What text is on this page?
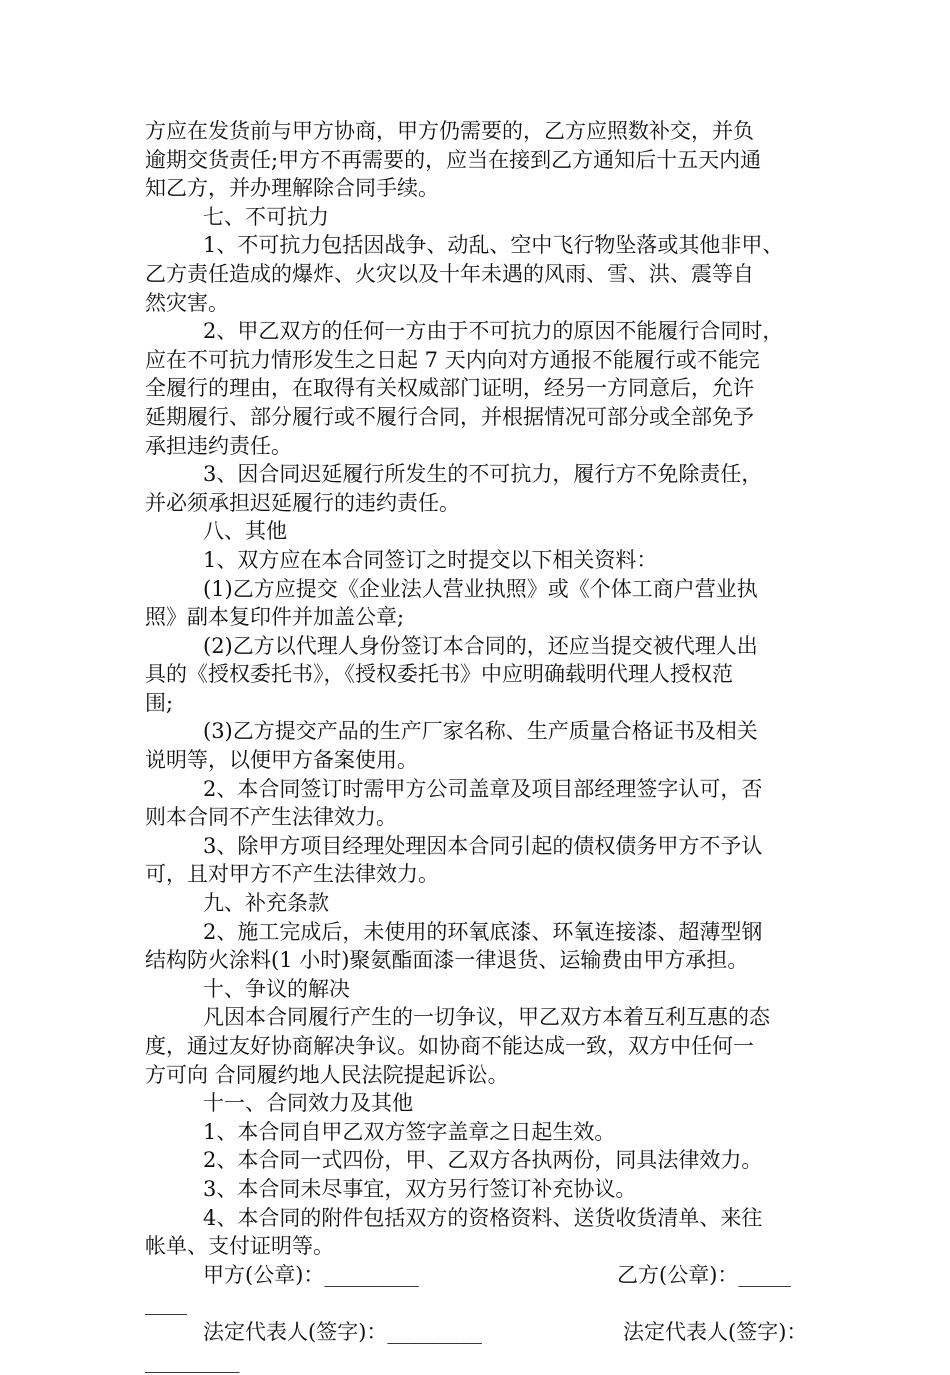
方应在发货前与甲方协商，甲方仍需要的，乙方应照数补交，并负
逾期交货责任;甲方不再需要的，应当在接到乙方通知后十五天内通
知乙方，并办理解除合同手续。
七、不可抗力
1、不可抗力包括因战争、动乱、空中飞行物坠落或其他非甲、
乙方责任造成的爆炸、火灾以及十年未遇的风雨、雪、洪、震等自
然灾害。
2、甲乙双方的任何一方由于不可抗力的原因不能履行合同时，
应在不可抗力情形发生之日起 7 天内向对方通报不能履行或不能完
全履行的理由，在取得有关权威部门证明，经另一方同意后，允许
延期履行、部分履行或不履行合同，并根据情况可部分或全部免予
承担违约责任。
3、因合同迟延履行所发生的不可抗力，履行方不免除责任，
并必须承担迟延履行的违约责任。
八、其他
1、双方应在本合同签订之时提交以下相关资料：
(1)乙方应提交《企业法人营业执照》或《个体工商户营业执
照》副本复印件并加盖公章;
(2)乙方以代理人身份签订本合同的，还应当提交被代理人出
具的《授权委托书》，《授权委托书》中应明确载明代理人授权范
围;
(3)乙方提交产品的生产厂家名称、生产质量合格证书及相关
说明等，以便甲方备案使用。
2、本合同签订时需甲方公司盖章及项目部经理签字认可，否
则本合同不产生法律效力。
3、除甲方项目经理处理因本合同引起的债权债务甲方不予认
可，且对甲方不产生法律效力。
九、补充条款
2、施工完成后，未使用的环氧底漆、环氧连接漆、超薄型钢
结构防火涂料(1 小时)聚氨酯面漆一律退货、运输费由甲方承担。
十、争议的解决
凡因本合同履行产生的一切争议，甲乙双方本着互利互惠的态
度，通过友好协商解决争议。如协商不能达成一致，双方中任何一
方可向 合同履约地人民法院提起诉讼。
十一、合同效力及其他
1、本合同自甲乙双方签字盖章之日起生效。
2、本合同一式四份，甲、乙双方各执两份，同具法律效力。
3、本合同未尽事宜，双方另行签订补充协议。
4、本合同的附件包括双方的资格资料、送货收货清单、来往
帐单、支付证明等。
甲方(公章)：_________	乙方(公章)：_____
____
法定代表人(签字)：_________	法定代表人(签字)：
_________
